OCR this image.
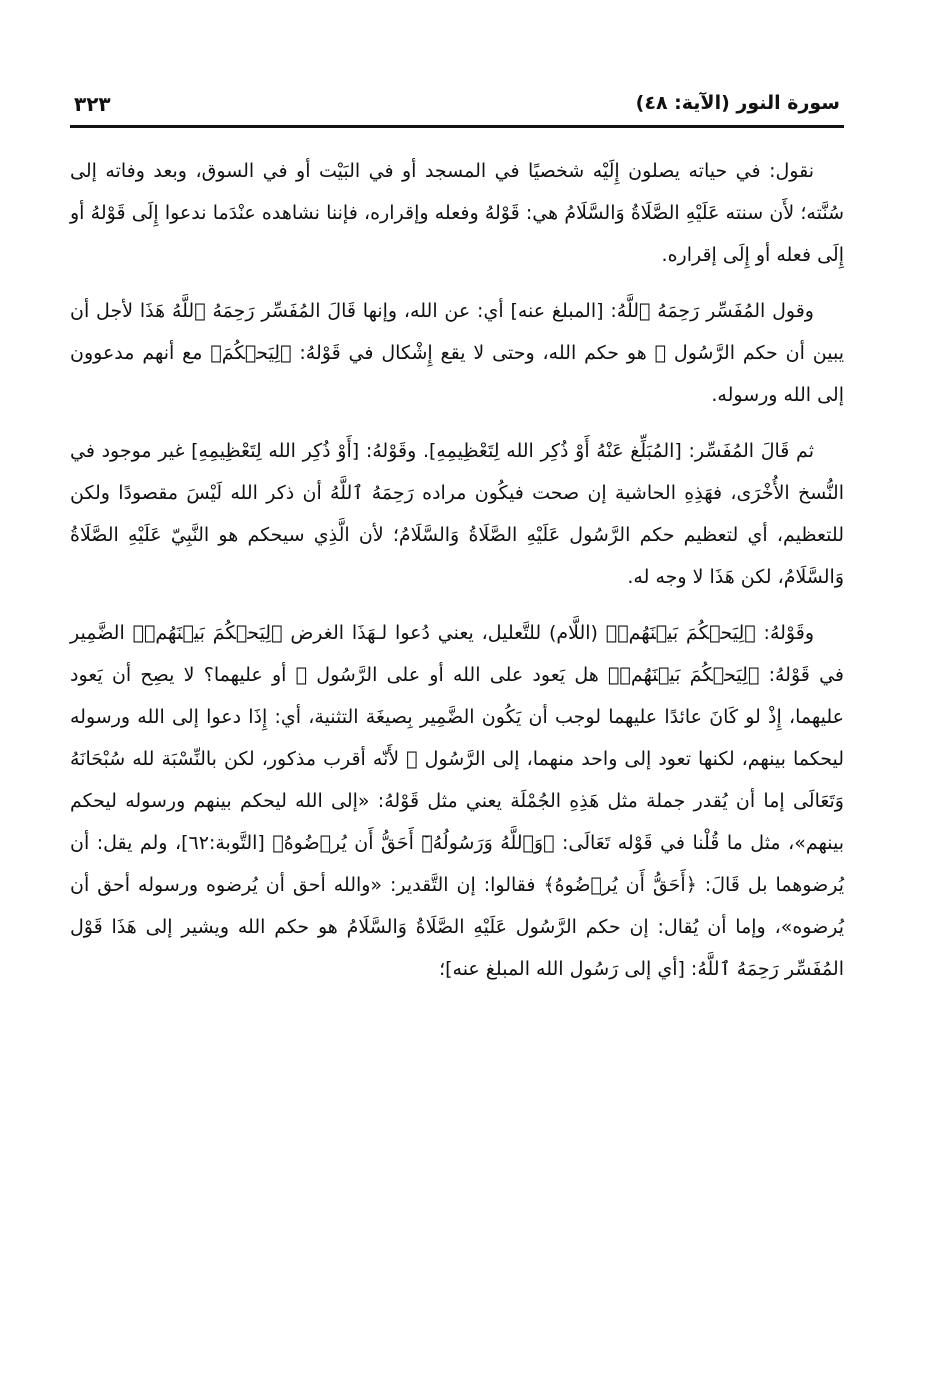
سورة النور (الآية: ٤٨)
٣٢٣

نقول: في حياته يصلون إِلَيْه شخصيًا في المسجد أو في البَيْت أو في السوق، وبعد وفاته إلى سُنَّته؛ لأَن سنته عَلَيْهِ الصَّلَاةُ وَالسَّلَامُ هي: قَوْلهُ وفعله وإقراره، فإننا نشاهده عنْدَما ندعوا إِلَى قَوْلهُ أو إِلَى فعله أو إِلَى إقراره.

وقول المُفَسِّر رَحِمَهُ ٱللَّهُ: [المبلغ عنه] أي: عن الله، وإنها قَالَ المُفَسِّر رَحِمَهُ ٱللَّهُ هَذَا لأجل أن يبين أن حكم الرَّسُول ﷺ هو حكم الله، وحتى لا يقع إِشْكال في قَوْلهُ: ﴿لِيَحۡكُمَ﴾ مع أنهم مدعوون إلى الله ورسوله.

ثم قَالَ المُفَسِّر: [المُبَلِّغ عَنْهُ أَوْ ذُكِر الله لِتَعْظِيمِهِ]. وقَوْلهُ: [أَوْ ذُكِر الله لِتَعْظِيمِهِ] غير موجود في النُّسخ الأُخْرَى، فهَذِهِ الحاشية إن صحت فيكُون مراده رَحِمَهُ ٱللَّهُ أن ذكر الله لَيْسَ مقصودًا ولكن للتعظيم، أي لتعظيم حكم الرَّسُول عَلَيْهِ الصَّلَاةُ وَالسَّلَامُ؛ لأن الَّذِي سيحكم هو النَّبِيّ عَلَيْهِ الصَّلَاةُ وَالسَّلَامُ، لكن هَذَا لا وجه له.

وقَوْلهُ: ﴿لِيَحۡكُمَ بَيۡنَهُمۡ﴾ (اللَّام) للتَّعليل، يعني دُعوا لـهَذَا الغرض ﴿لِيَحۡكُمَ بَيۡنَهُمۡ﴾ الضَّمِير في قَوْلهُ: ﴿لِيَحۡكُمَ بَيۡنَهُمۡ﴾ هل يَعود على الله أو على الرَّسُول ﷺ أو عليهما؟ لا يصِح أن يَعود عليهما، إِذْ لو كَانَ عائدًا عليهما لوجب أن يَكُون الضَّمِير بِصيغَة التثنية، أي: إِذَا دعوا إلى الله ورسوله ليحكما بينهم، لكنها تعود إلى واحد منهما، إلى الرَّسُول ﷺ لأَنّه أقرب مذكور، لكن بالنِّسْبَة لله سُبْحَانَهُ وَتَعَالَى إما أن يُقدر جملة مثل هَذِهِ الجُمْلَة يعني مثل قَوْلهُ: «إلى الله ليحكم بينهم ورسوله ليحكم بينهم»، مثل ما قُلْنا في قَوْله تَعَالَى: ﴿وَٱللَّهُ وَرَسُولُهُۥٓ أَحَقُّ أَن يُرۡضُوهُ﴾ [التَّوبة:٦٢]، ولم يقل: أن يُرضوهما بل قَالَ: ﴿أَحَقُّ أَن يُرۡضُوهُ﴾ فقالوا: إن التَّقدير: «والله أحق أن يُرضوه ورسوله أحق أن يُرضوه»، وإما أن يُقال: إن حكم الرَّسُول عَلَيْهِ الصَّلَاةُ وَالسَّلَامُ هو حكم الله ويشير إلى هَذَا قَوْل المُفَسِّر رَحِمَهُ ٱللَّهُ: [أي إلى رَسُول الله المبلغ عنه]؛
